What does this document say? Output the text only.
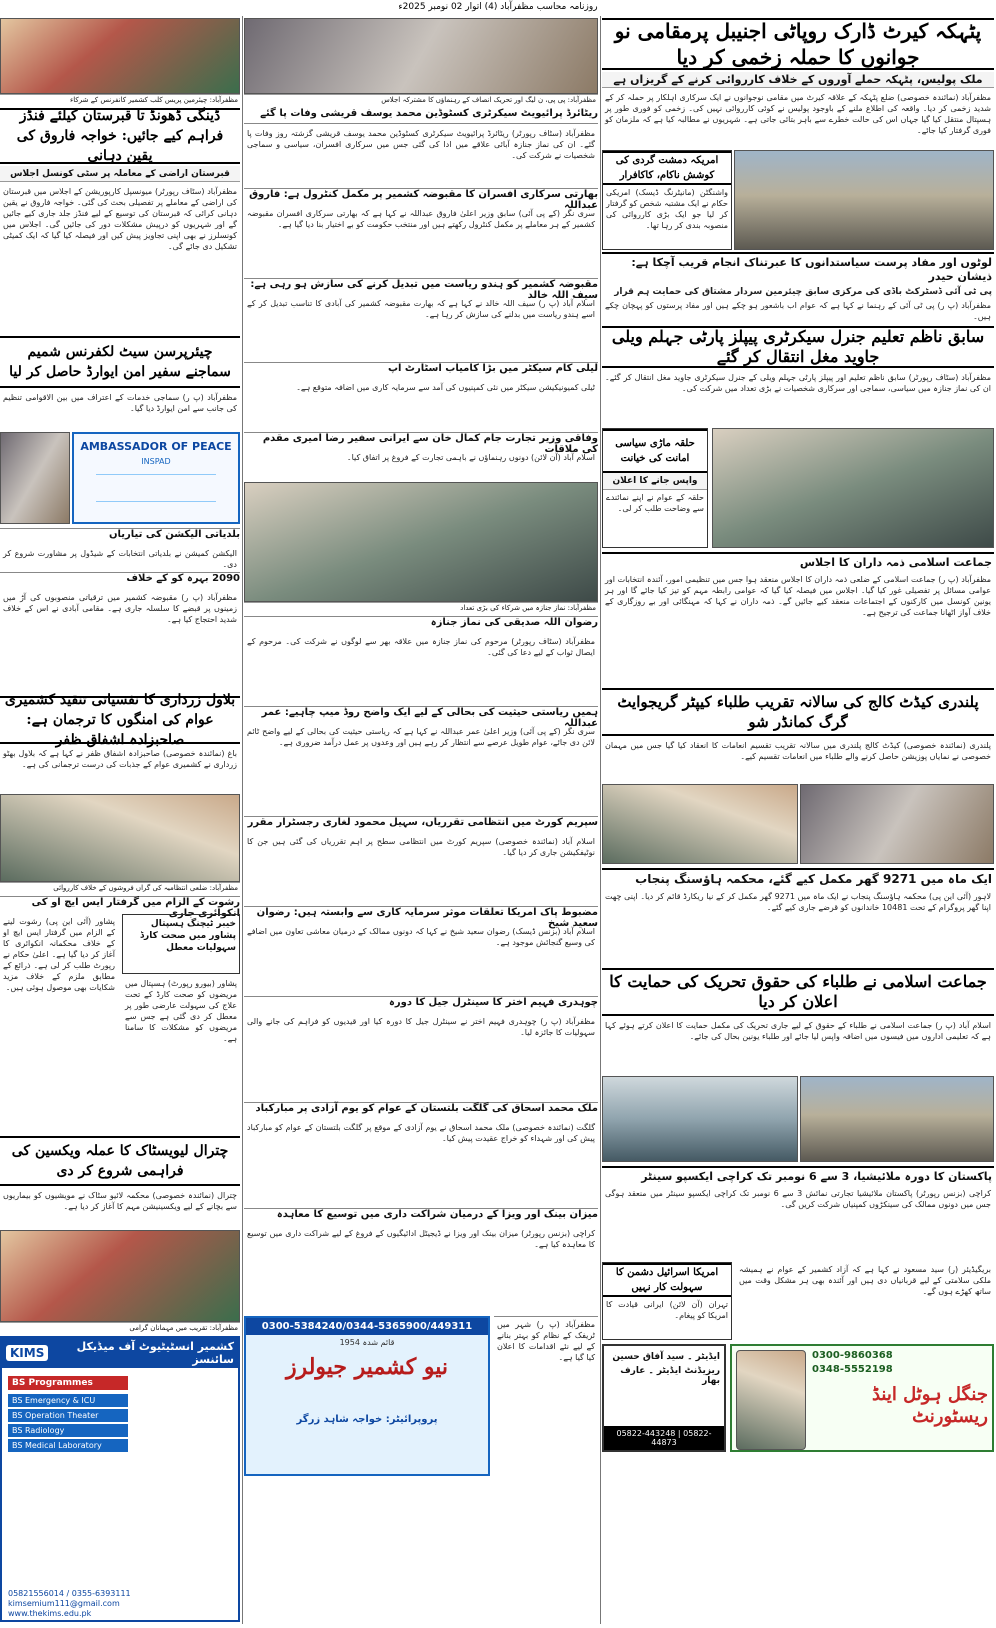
روزنامہ محاسب مظفرآباد (4) اتوار 02 نومبر 2025ء
پٹہکہ کیرٹ ڈارک روپاٹی اجنیبل پرمقامی نو جوانوں کا حملہ زخمی کر دیا
ملک پولیس، پٹہکہ حملے آوروں کے خلاف کارروائی کرنے کے گریزاں ہے
مظفرآباد (نمائندہ خصوصی) ضلع پٹہکہ کے علاقہ کیرٹ میں مقامی نوجوانوں نے ایک سرکاری اہلکار پر حملہ کر کے شدید زخمی کر دیا۔ واقعہ کی اطلاع ملنے کے باوجود پولیس نے کوئی کارروائی نہیں کی۔ زخمی کو فوری طور پر ہسپتال منتقل کیا گیا جہاں اس کی حالت خطرے سے باہر بتائی جاتی ہے۔ شہریوں نے مطالبہ کیا ہے کہ ملزمان کو فوری گرفتار کیا جائے۔
امریکہ دمشت گردی کی کوشش ناکام، کاکافرار
واشنگٹن (مانیٹرنگ ڈیسک) امریکی حکام نے ایک مشتبہ شخص کو گرفتار کر لیا جو ایک بڑی کارروائی کی منصوبہ بندی کر رہا تھا۔
لوٹوں اور مفاد پرست سیاستدانوں کا عبرتناک انجام قریب آچکا ہے: ذیشان حیدر
پی ٹی آئی ڈسٹرکٹ باڈی کی مرکزی سابق چیئرمین سردار مشتاق کی حمایت ہم قرار
مظفرآباد (پ ر) پی ٹی آئی کے رہنما نے کہا ہے کہ عوام اب باشعور ہو چکے ہیں اور مفاد پرستوں کو پہچان چکے ہیں۔
سابق ناظم تعلیم جنرل سیکرٹری پیپلز پارٹی جہلم ویلی جاوید مغل انتقال کر گئے
مظفرآباد (سٹاف رپورٹر) سابق ناظم تعلیم اور پیپلز پارٹی جہلم ویلی کے جنرل سیکرٹری جاوید مغل انتقال کر گئے۔ ان کی نماز جنازہ میں سیاسی، سماجی اور سرکاری شخصیات نے بڑی تعداد میں شرکت کی۔
حلقہ ماڑی سیاسی امانت کی خیانت
واپس جانے کا اعلان
حلقہ کے عوام نے اپنے نمائندے سے وضاحت طلب کر لی۔
جماعت اسلامی ذمہ داران کا اجلاس
مظفرآباد (پ ر) جماعت اسلامی کے ضلعی ذمہ داران کا اجلاس منعقد ہوا جس میں تنظیمی امور، آئندہ انتخابات اور عوامی مسائل پر تفصیلی غور کیا گیا۔ اجلاس میں فیصلہ کیا گیا کہ عوامی رابطہ مہم کو تیز کیا جائے گا اور ہر یونین کونسل میں کارکنوں کے اجتماعات منعقد کیے جائیں گے۔ ذمہ داران نے کہا کہ مہنگائی اور بے روزگاری کے خلاف آواز اٹھانا جماعت کی ترجیح ہے۔
پلندری کیڈٹ کالج کی سالانہ تقریب طلباء کیپٹر گریجوایٹ گرگ کمانڈر شو
پلندری (نمائندہ خصوصی) کیڈٹ کالج پلندری میں سالانہ تقریب تقسیم انعامات کا انعقاد کیا گیا جس میں مہمان خصوصی نے نمایاں پوزیشن حاصل کرنے والے طلباء میں انعامات تقسیم کیے۔
ایک ماہ میں 9271 گھر مکمل کیے گئے، محکمہ ہاؤسنگ پنجاب
لاہور (آئی این پی) محکمہ ہاؤسنگ پنجاب نے ایک ماہ میں 9271 گھر مکمل کر کے نیا ریکارڈ قائم کر دیا۔ اپنی چھت اپنا گھر پروگرام کے تحت 10481 خاندانوں کو قرضے جاری کیے گئے۔
جماعت اسلامی نے طلباء کی حقوق تحریک کی حمایت کا اعلان کر دیا
اسلام آباد (پ ر) جماعت اسلامی نے طلباء کے حقوق کے لیے جاری تحریک کی مکمل حمایت کا اعلان کرتے ہوئے کہا ہے کہ تعلیمی اداروں میں فیسوں میں اضافہ واپس لیا جائے اور طلباء یونین بحال کی جائے۔
پاکستان کا دورہ ملائیشیا، 3 سے 6 نومبر تک کراچی ایکسپو سینٹر
کراچی (بزنس رپورٹر) پاکستان ملائیشیا تجارتی نمائش 3 سے 6 نومبر تک کراچی ایکسپو سینٹر میں منعقد ہوگی جس میں دونوں ممالک کی سینکڑوں کمپنیاں شرکت کریں گی۔
امریکا اسرائیل دشمن کا سہولت کار نہیں
تہران (آن لائن) ایرانی قیادت کا امریکا کو پیغام۔
بریگیڈیئر (ر) سید مسعود نے کہا ہے کہ آزاد کشمیر کے عوام نے ہمیشہ ملکی سلامتی کے لیے قربانیاں دی ہیں اور آئندہ بھی ہر مشکل وقت میں ساتھ کھڑے ہوں گے۔
ایڈیٹر ۔ سید آفاق حسین
ریزیڈنٹ ایڈیٹر ۔ عارف بھار
05822-443248 | 05822-44873
0300-9860368
0348-5552198
جنگل ہوٹل اینڈ ریسٹورنٹ
مظفرآباد: پی پی، ن لیگ اور تحریک انصاف کے رہنماؤں کا مشترکہ اجلاس
ریٹائرڈ پرائیویٹ سیکرٹری کسٹوڈین محمد یوسف قریشی وفات پا گئے
مظفرآباد (سٹاف رپورٹر) ریٹائرڈ پرائیویٹ سیکرٹری کسٹوڈین محمد یوسف قریشی گزشتہ روز وفات پا گئے۔ ان کی نماز جنازہ آبائی علاقے میں ادا کی گئی جس میں سرکاری افسران، سیاسی و سماجی شخصیات نے شرکت کی۔
بھارتی سرکاری افسران کا مقبوضہ کشمیر پر مکمل کنٹرول ہے: فاروق عبداللہ
سری نگر (کے پی آئی) سابق وزیر اعلیٰ فاروق عبداللہ نے کہا ہے کہ بھارتی سرکاری افسران مقبوضہ کشمیر کے ہر معاملے پر مکمل کنٹرول رکھتے ہیں اور منتخب حکومت کو بے اختیار بنا دیا گیا ہے۔
مقبوضہ کشمیر کو ہندو ریاست میں تبدیل کرنے کی سازش ہو رہی ہے: سیف اللہ خالد
اسلام آباد (پ ر) سیف اللہ خالد نے کہا ہے کہ بھارت مقبوضہ کشمیر کی آبادی کا تناسب تبدیل کر کے اسے ہندو ریاست میں بدلنے کی سازش کر رہا ہے۔
لیلی کام سیکٹر میں بڑا کامیاب اسٹارٹ اپ
ٹیلی کمیونیکیشن سیکٹر میں نئی کمپنیوں کی آمد سے سرمایہ کاری میں اضافہ متوقع ہے۔
وفاقی وزیر تجارت جام کمال خان سے ایرانی سفیر رضا امیری مقدم کی ملاقات
اسلام آباد (آن لائن) دونوں رہنماؤں نے باہمی تجارت کے فروغ پر اتفاق کیا۔
مظفرآباد: نماز جنازہ میں شرکاء کی بڑی تعداد
رضوان اللہ صدیقی کی نماز جنازہ
مظفرآباد (سٹاف رپورٹر) مرحوم کی نماز جنازہ میں علاقہ بھر سے لوگوں نے شرکت کی۔ مرحوم کے ایصال ثواب کے لیے دعا کی گئی۔
ہمیں ریاستی حیثیت کی بحالی کے لیے ایک واضح روڈ میپ چاہیے: عمر عبداللہ
سری نگر (کے پی آئی) وزیر اعلیٰ عمر عبداللہ نے کہا ہے کہ ریاستی حیثیت کی بحالی کے لیے واضح ٹائم لائن دی جائے، عوام طویل عرصے سے انتظار کر رہے ہیں اور وعدوں پر عمل درآمد ضروری ہے۔
سپریم کورٹ میں انتظامی تقرریاں، سہیل محمود لغاری رجسٹرار مقرر
اسلام آباد (نمائندہ خصوصی) سپریم کورٹ میں انتظامی سطح پر اہم تقرریاں کی گئی ہیں جن کا نوٹیفکیشن جاری کر دیا گیا۔
مضبوط پاک امریکا تعلقات موثر سرمایہ کاری سے وابستہ ہیں: رضوان سعید شیخ
اسلام آباد (بزنس ڈیسک) رضوان سعید شیخ نے کہا کہ دونوں ممالک کے درمیان معاشی تعاون میں اضافے کی وسیع گنجائش موجود ہے۔
چوہدری فہیم اختر کا سینٹرل جیل کا دورہ
مظفرآباد (پ ر) چوہدری فہیم اختر نے سینٹرل جیل کا دورہ کیا اور قیدیوں کو فراہم کی جانے والی سہولیات کا جائزہ لیا۔
ملک محمد اسحاق کی گلگت بلتستان کے عوام کو یوم آزادی پر مبارکباد
گلگت (نمائندہ خصوصی) ملک محمد اسحاق نے یوم آزادی کے موقع پر گلگت بلتستان کے عوام کو مبارکباد پیش کی اور شہداء کو خراج عقیدت پیش کیا۔
میزان بینک اور ویزا کے درمیان شراکت داری میں توسیع کا معاہدہ
کراچی (بزنس رپورٹر) میزان بینک اور ویزا نے ڈیجیٹل ادائیگیوں کے فروغ کے لیے شراکت داری میں توسیع کا معاہدہ کیا ہے۔
0300-5384240/0344-5365900/449311
قائم شدہ 1954
نیو کشمیر جیولرز
پروپرائیٹر: خواجہ شاہد زرگر
مظفرآباد (پ ر) شہر میں ٹریفک کے نظام کو بہتر بنانے کے لیے نئے اقدامات کا اعلان کیا گیا ہے۔
مظفرآباد: چیئرمین پریس کلب کشمیر کانفرنس کے شرکاء
ڈینگی ڈھونڈ تا قبرستان کیلئے فنڈز فراہم کیے جائیں: خواجہ فاروق کی یقین دہانی
قبرستان اراضی کے معاملہ پر سٹی کونسل اجلاس
مظفرآباد (سٹاف رپورٹر) میونسپل کارپوریشن کے اجلاس میں قبرستان کی اراضی کے معاملے پر تفصیلی بحث کی گئی۔ خواجہ فاروق نے یقین دہانی کرائی کہ قبرستان کی توسیع کے لیے فنڈز جلد جاری کیے جائیں گے اور شہریوں کو درپیش مشکلات دور کی جائیں گی۔ اجلاس میں کونسلرز نے بھی اپنی تجاویز پیش کیں اور فیصلہ کیا گیا کہ ایک کمیٹی تشکیل دی جائے گی۔
چیئرپرسن سیٹ لکفرنس شمیم سماجنے سفیر امن ایوارڈ حاصل کر لیا
مظفرآباد (پ ر) سماجی خدمات کے اعتراف میں بین الاقوامی تنظیم کی جانب سے امن ایوارڈ دیا گیا۔
AMBASSADOR OF PEACE
INSPAD
بلدیاتی الیکشن کی تیاریاں
الیکشن کمیشن نے بلدیاتی انتخابات کے شیڈول پر مشاورت شروع کر دی۔
2090 بہرہ کو کے خلاف
مظفرآباد (پ ر) مقبوضہ کشمیر میں ترقیاتی منصوبوں کی آڑ میں زمینوں پر قبضے کا سلسلہ جاری ہے۔ مقامی آبادی نے اس کے خلاف شدید احتجاج کیا ہے۔
بلاول زرداری کا نفسیاتی تنقید کشمیری عوام کی امنگوں کا ترجمان ہے: صاحبزادہ اشفاق ظفر
باغ (نمائندہ خصوصی) صاحبزادہ اشفاق ظفر نے کہا ہے کہ بلاول بھٹو زرداری نے کشمیری عوام کے جذبات کی درست ترجمانی کی ہے۔
مظفرآباد: ضلعی انتظامیہ کی گراں فروشوں کے خلاف کارروائی
رشوت کے الزام میں گرفتار ایس ایچ او کی انکوائری جاری
پشاور (آئی این پی) رشوت لینے کے الزام میں گرفتار ایس ایچ او کے خلاف محکمانہ انکوائری کا آغاز کر دیا گیا ہے۔ اعلیٰ حکام نے رپورٹ طلب کر لی ہے۔ ذرائع کے مطابق ملزم کے خلاف مزید شکایات بھی موصول ہوئی ہیں۔
خیبر ٹیچنگ ہسپتال پشاور میں صحت کارڈ سہولیات معطل
پشاور (بیورو رپورٹ) ہسپتال میں مریضوں کو صحت کارڈ کے تحت علاج کی سہولت عارضی طور پر معطل کر دی گئی ہے جس سے مریضوں کو مشکلات کا سامنا ہے۔
چترال لیویسٹاک کا عملہ ویکسین کی فراہمی شروع کر دی
چترال (نمائندہ خصوصی) محکمہ لائیو سٹاک نے مویشیوں کو بیماریوں سے بچانے کے لیے ویکسینیشن مہم کا آغاز کر دیا ہے۔
مظفرآباد: تقریب میں مہمانان گرامی
KIMS	کشمیر انسٹیٹیوٹ آف میڈیکل سائنسز
BS Programmes
BS Emergency & ICU
BS Operation Theater
BS Radiology
BS Medical Laboratory
05821556014 / 0355-6393111
kimsemium111@gmail.com
www.thekims.edu.pk
